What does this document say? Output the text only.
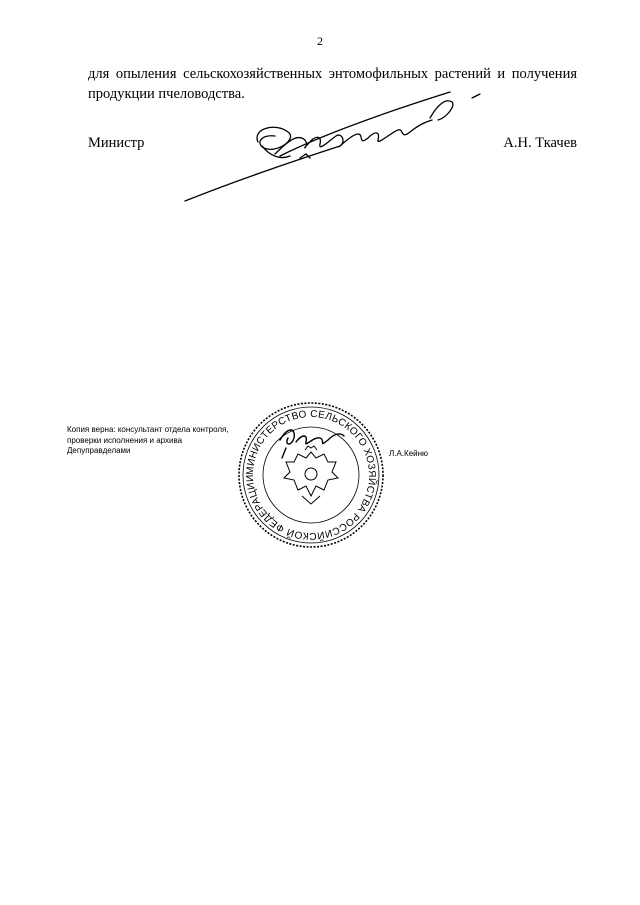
2
для опыления сельскохозяйственных энтомофильных растений и получения
продукции пчеловодства.
Министр	А.Н. Ткачев
Копия верна: консультант отдела контроля,
проверки исполнения и архива
Депуправделами	Л.А.Кейню
МИНИСТЕРСТВО СЕЛЬСКОГО ХОЗЯЙСТВА РОССИЙСКОЙ ФЕДЕРАЦИИ
